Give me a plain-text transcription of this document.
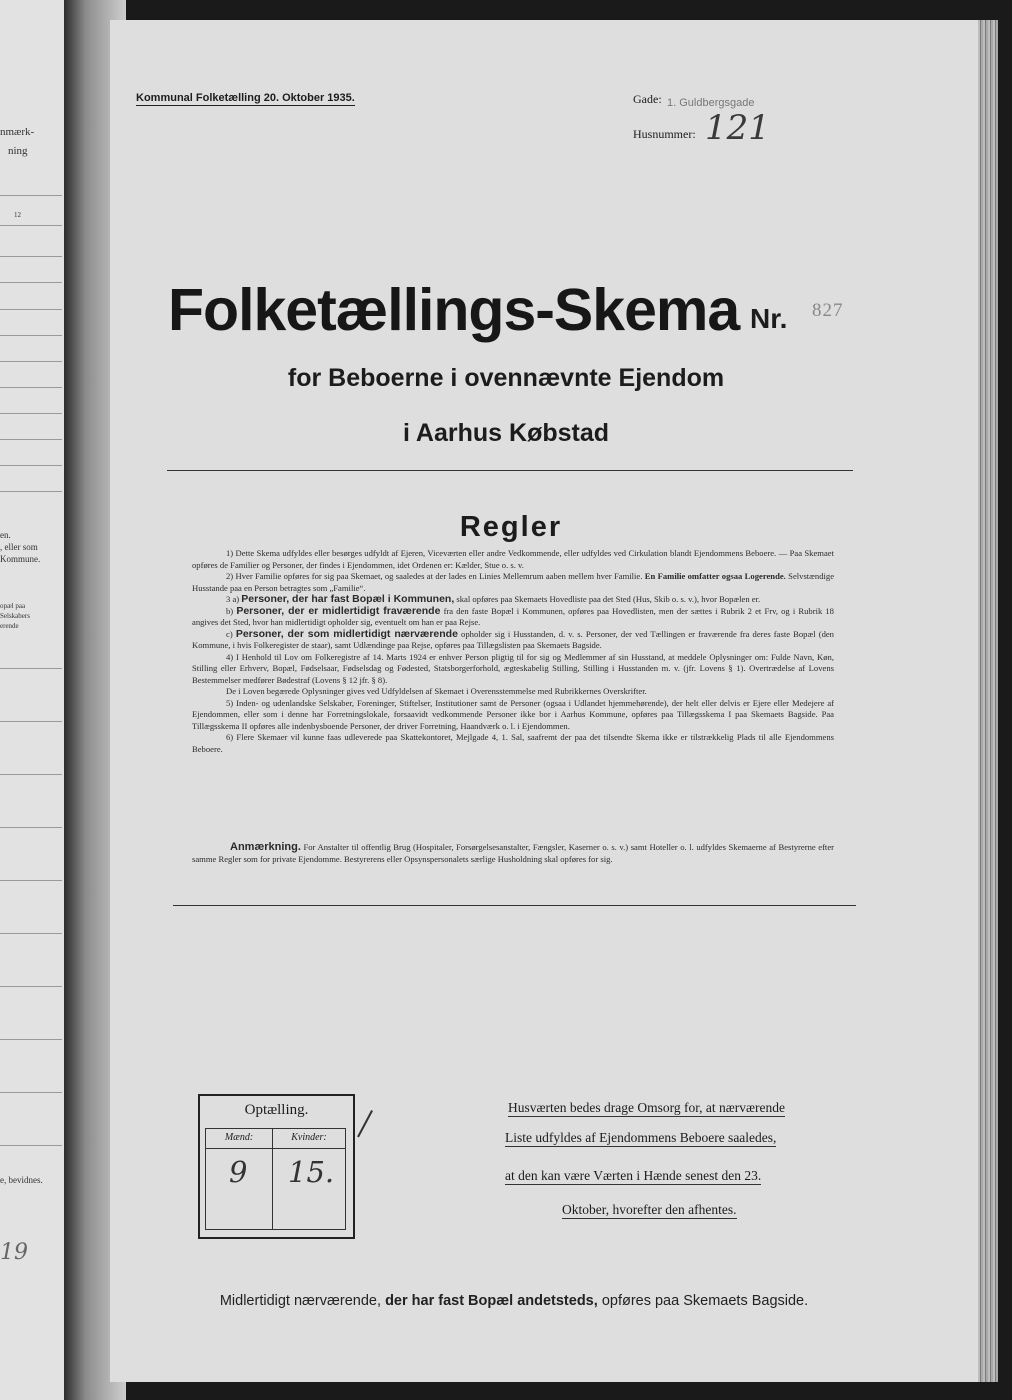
nmærk-
ning
12
en.
, eller som
Kommune.
opæl paa
Selskabers
erende
e, bevidnes.
19
Kommunal Folketælling 20. Oktober 1935.	Gade: 1. Guldbergsgade
Husnummer: 121
Folketællings-Skema Nr. 827
for Beboerne i ovennævnte Ejendom
i Aarhus Købstad
Regler

1) Dette Skema udfyldes eller besørges udfyldt af Ejeren, Viceværten eller andre Vedkommende, eller udfyldes ved Cirkulation blandt Ejendommens Beboere. — Paa Skemaet opføres de Familier og Personer, der findes i Ejendommen, idet Ordenen er: Kælder, Stue o. s. v.

2) Hver Familie opføres for sig paa Skemaet, og saaledes at der lades en Linies Mellemrum aaben mellem hver Familie. En Familie omfatter ogsaa Logerende. Selvstændige Husstande paa en Person betragtes som „Familie“.

3 a) Personer, der har fast Bopæl i Kommunen, skal opføres paa Skemaets Hovedliste paa det Sted (Hus, Skib o. s. v.), hvor Bopælen er.

b) Personer, der er midlertidigt fraværende fra den faste Bopæl i Kommunen, opføres paa Hovedlisten, men der sættes i Rubrik 2 et Frv, og i Rubrik 18 angives det Sted, hvor han midlertidigt opholder sig, eventuelt om han er paa Rejse.

c) Personer, der som midlertidigt nærværende opholder sig i Husstanden, d. v. s. Personer, der ved Tællingen er fraværende fra deres faste Bopæl (den Kommune, i hvis Folkeregister de staar), samt Udlændinge paa Rejse, opføres paa Tillægslisten paa Skemaets Bagside.

4) I Henhold til Lov om Folkeregistre af 14. Marts 1924 er enhver Person pligtig til for sig og Medlemmer af sin Husstand, at meddele Oplysninger om: Fulde Navn, Køn, Stilling eller Erhverv, Bopæl, Fødselsaar, Fødselsdag og Fødested, Statsborgerforhold, ægteskabelig Stilling, Stilling i Husstanden m. v. (jfr. Lovens § 1). Overtrædelse af Lovens Bestemmelser medfører Bødestraf (Lovens § 12 jfr. § 8).

De i Loven begærede Oplysninger gives ved Udfyldelsen af Skemaet i Overensstemmelse med Rubrikkernes Overskrifter.

5) Inden- og udenlandske Selskaber, Foreninger, Stiftelser, Institutioner samt de Personer (ogsaa i Udlandet hjemmehørende), der helt eller delvis er Ejere eller Medejere af Ejendommen, eller som i denne har Forretningslokale, forsaavidt vedkommende Personer ikke bor i Aarhus Kommune, opføres paa Tillægsskema I paa Skemaets Bagside. Paa Tillægsskema II opføres alle indenbysboende Personer, der driver Forretning, Haandværk o. l. i Ejendommen.

6) Flere Skemaer vil kunne faas udleverede paa Skattekontoret, Mejlgade 4, 1. Sal, saafremt der paa det tilsendte Skema ikke er tilstrækkelig Plads til alle Ejendommens Beboere.

Anmærkning. For Anstalter til offentlig Brug (Hospitaler, Forsørgelsesanstalter, Fængsler, Kaserner o. s. v.) samt Hoteller o. l. udfyldes Skemaerne af Bestyrerne efter samme Regler som for private Ejendomme. Bestyrerens eller Opsynspersonalets særlige Husholdning skal opføres for sig.
Optælling.
Mænd:	Kvinder:
9 15.
Husværten bedes drage Omsorg for, at nærværende
Liste udfyldes af Ejendommens Beboere saaledes,
at den kan være Værten i Hænde senest den 23.
Oktober, hvorefter den afhentes.
Midlertidigt nærværende, der har fast Bopæl andetsteds, opføres paa Skemaets Bagside.
